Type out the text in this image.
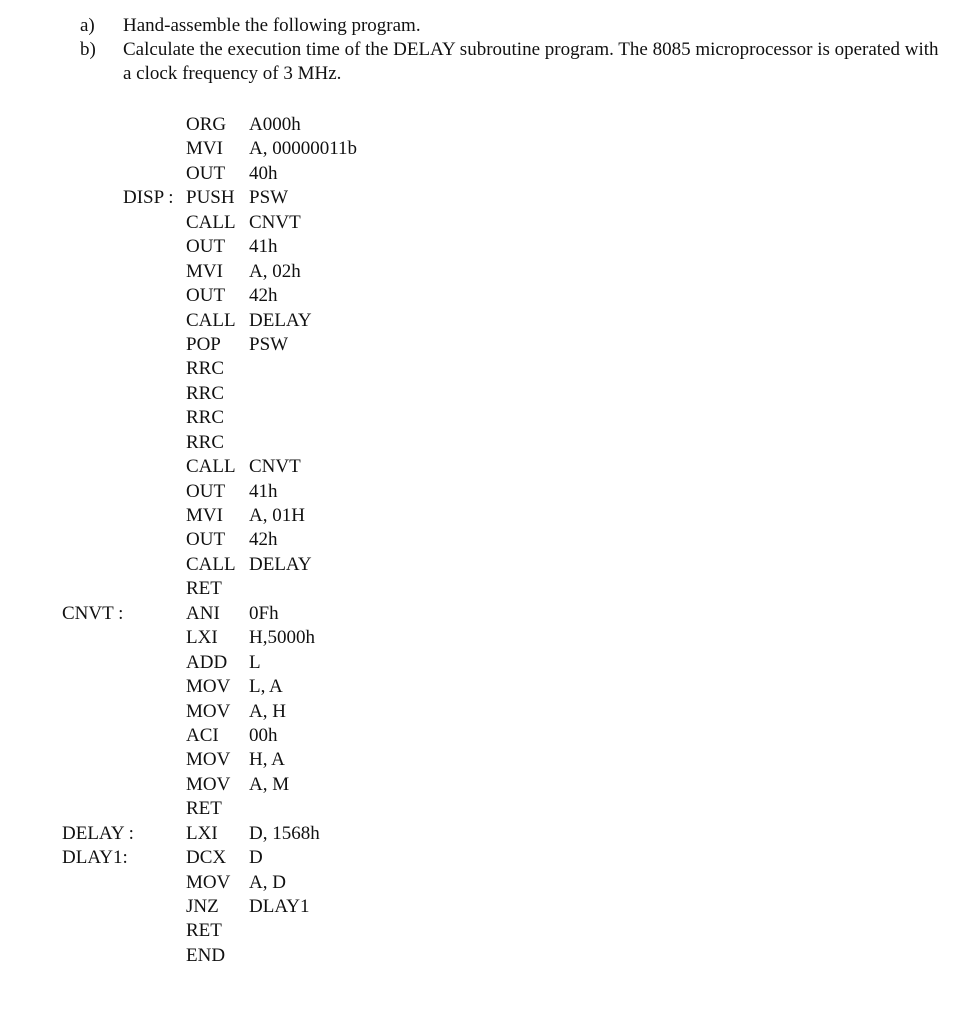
a)	Hand-assemble the following program.
b)	Calculate the execution time of the DELAY subroutine program. The 8085 microprocessor is operated with a clock frequency of 3 MHz.
ORG A000h
MVI A, 00000011b
OUT 40h
DISP : PUSH PSW
CALL CNVT
OUT 41h
MVI A, 02h
OUT 42h
CALL DELAY
POP PSW
RRC
RRC
RRC
RRC
CALL CNVT
OUT 41h
MVI A, 01H
OUT 42h
CALL DELAY
RET
CNVT :	ANI 0Fh
LXI H,5000h
ADD L
MOV L, A
MOV A, H
ACI 00h
MOV H, A
MOV A, M
RET
DELAY :	LXI D, 1568h
DLAY1:	DCX D
MOV A, D
JNZ DLAY1
RET
END
